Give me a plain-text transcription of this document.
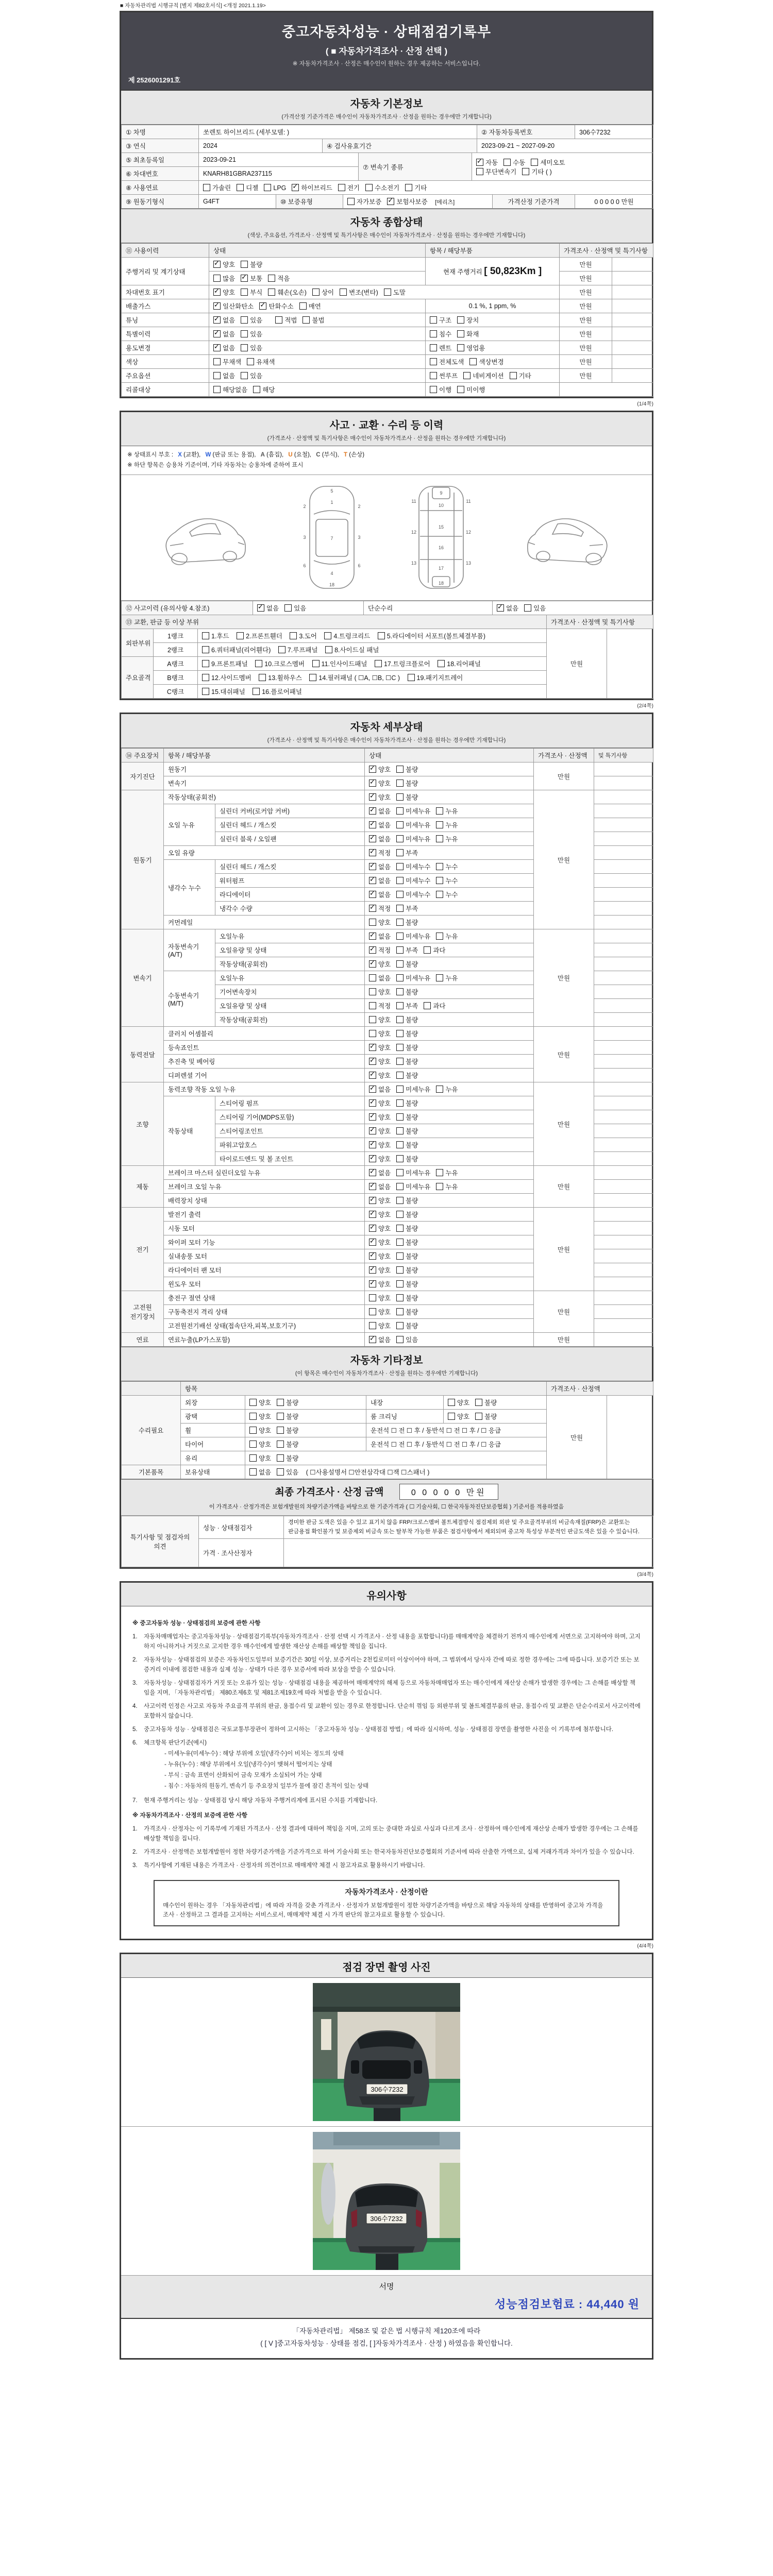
■ 자동차관리법 시행규칙 [별지 제82호서식] <개정 2021.1.19>
중고자동차성능 · 상태점검기록부
( ■ 자동차가격조사 · 산정 선택 )
※ 자동차가격조사 · 산정은 매수인이 원하는 경우 제공하는 서비스입니다.
제 2526001291호
자동차 기본정보
(가격산정 기준가격은 매수인이 자동차가격조사 · 산정을 원하는 경우에만 기재합니다)
① 차명	쏘렌토 하이브리드 (세부모델: )	② 자동차등록번호	306수7232
③ 연식	2024	④ 검사유효기간	2023-09-21 ~ 2027-09-20
⑤ 최초등록일	2023-09-21	⑦ 변속기 종류	✓자동 수동 세미오토
무단변속기 기타 ( )
⑥ 차대번호	KNARH81GBRA237115		
⑧ 사용연료	가솔린 디젤 LPG ✓ 하이브리드 전기 수소전기 기타
⑨ 원동기형식	G4FT	⑩ 보증유형	자가보증 ✓ 보험사보증 [메리츠]	가격산정 기준가격	0 0 0 0 0 만원
자동차 종합상태
(색상, 주요옵션, 가격조사 · 산정액 및 특기사항은 매수인이 자동차가격조사 · 산정을 원하는 경우에만 기재합니다)
⑪ 사용이력	상태	항목 / 해당부품	가격조사 · 산정액 및 특기사항	
주행거리 및 계기상태	✓양호 불량	현재 주행거리 [ 50,823Km ]	만원	
	많음 ✓ 보통 적음		만원	
차대번호 표기	✓양호 부식 훼손(오손) 상이 변조(변타) 도말		만원	
배출가스	✓일산화탄소 ✓ 탄화수소 매연	0.1 %, 1 ppm, %	만원	
튜닝	✓없음 있음 적법 불법	구조 장치	만원	
특별이력	✓없음 있음	침수 화재	만원	
용도변경	✓없음 있음	렌트 영업용	만원	
색상	무채색 유채색	전체도색 색상변경	만원	
주요옵션	없음 있음	썬루프 네비게이션 기타	만원	
리콜대상	해당없음 해당	이행 미이행		
(1/4쪽)
사고 · 교환 · 수리 등 이력
(가격조사 · 산정액 및 특기사항은 매수인이 자동차가격조사 · 산정을 원하는 경우에만 기재합니다)
※ 상태표시 부호 : X (교환), W (판금 또는 용접), A (흠집), U (요철), C (부식), T (손상)
※ 하단 항목은 승용차 기준이며, 기타 자동차는 승용차에 준하여 표시
5
1
2	2
3	3
7
6	6
4
18
9
10
11	11
12	12
15
16
13	13
17
18
⑫ 사고이력 (유의사항 4.참조)	✓없음 있음	단순수리	✓없음 있음
⑬ 교환, 판금 등 이상 부위	가격조사 · 산정액 및 특기사항
외판부위	1랭크	1.후드 2.프론트휀더 3.도어 4.트렁크리드 5.라디에이터 서포트(볼트체결부품)	만원	
	2랭크	6.쿼터패널(리어휀다) 7.루프패널 8.사이드실 패널		
주요골격	A랭크	9.프론트패널 10.크로스멤버 11.인사이드패널 17.트렁크플로어 18.리어패널		
	B랭크	12.사이드멤버 13.휠하우스 14.필러패널 ( ☐A, ☐B, ☐C ) 19.패키지트레이		
	C랭크	15.대쉬패널 16.플로어패널		
(2/4쪽)
자동차 세부상태
(가격조사 · 산정액 및 특기사항은 매수인이 자동차가격조사 · 산정을 원하는 경우에만 기재합니다)
⑭ 주요장치	항목 / 해당부품		상태	가격조사 · 산정액	및 특기사항
자기진단	원동기	✓양호 불량	만원	
	변속기	✓양호 불량	
원동기	작동상태(공회전)	✓양호 불량	만원	
	오일 누유	실린더 커버(로커암 커버)	✓없음 미세누유 누유	
		실린더 헤드 / 개스킷	✓없음 미세누유 누유	
		실린더 블록 / 오일팬	✓없음 미세누유 누유	
	오일 유량	✓적정 부족	
	냉각수 누수	실린더 헤드 / 개스킷	✓없음 미세누수 누수	
		워터펌프	✓없음 미세누수 누수	
		라디에이터	✓없음 미세누수 누수	
		냉각수 수량	✓적정 부족	
	커먼레일		양호 불량		
변속기	자동변속기 (A/T)	오일누유	✓없음 미세누유 누유	만원	
		오일유량 및 상태	✓적정 부족 과다	
		작동상태(공회전)	✓양호 불량	
	수동변속기 (M/T)	오일누유	없음 미세누유 누유		
		기어변속장치	양호 불량		
		오일유량 및 상태	적정 부족 과다		
		작동상태(공회전)	양호 불량		
동력전달	클러치 어셈블리		양호 불량	만원	
	등속죠인트	✓양호 불량	
	추진축 및 베어링	✓양호 불량	
	디퍼렌셜 기어	✓양호 불량	
조향	동력조향 작동 오일 누유	✓없음 미세누유 누유	만원	
	작동상태	스티어링 펌프	✓양호 불량	
		스티어링 기어(MDPS포함)	✓양호 불량	
		스티어링조인트	✓양호 불량	
		파워고압호스	✓양호 불량	
		타이로드엔드 및 볼 조인트	✓양호 불량	
제동	브레이크 마스터 실린더오일 누유	✓없음 미세누유 누유	만원	
	브레이크 오일 누유	✓없음 미세누유 누유	
	배력장치 상태	✓양호 불량	
전기	발전기 출력	✓양호 불량	만원	
	시동 모터	✓양호 불량	
	와이퍼 모터 기능	✓양호 불량	
	실내송풍 모터	✓양호 불량	
	라디에이터 팬 모터	✓양호 불량	
	윈도우 모터	✓양호 불량	
고전원 전기장치	충전구 절연 상태		양호 불량	만원	
	구동축전지 격리 상태		양호 불량		
	고전원전기배선 상태(접속단자,피복,보호기구)		양호 불량		
연료	연료누출(LP가스포함)	✓없음 있음	만원	
자동차 기타정보
(이 항목은 매수인이 자동차가격조사 · 산정을 원하는 경우에만 기재합니다)
	항목				가격조사 · 산정액	
수리필요	외장	양호 불량	내장	양호 불량	만원	
	광택	양호 불량	룸 크리닝	양호 불량		
	휠	양호 불량	운전석 ☐ 전 ☐ 후 / 동반석 ☐ 전 ☐ 후 / ☐ 응급			
	타이어	양호 불량	운전석 ☐ 전 ☐ 후 / 동반석 ☐ 전 ☐ 후 / ☐ 응급			
	유리	양호 불량				
기본품목	보유상태	없음 있음 ( ☐사용설명서 ☐안전삼각대 ☐잭 ☐스패너 )				
최종 가격조사 · 산정 금액	0 0 0 0 0 만원
이 가격조사 · 산정가격은 보험개발원의 차량기준가액을 바탕으로 한 기준가격과 ( ☐ 기술사회, ☐ 한국자동차진단보증협회 ) 기준서를 적용하였음
특기사항 및 점검자의 의견	성능 · 상태점검자	경미한 판금 도색은 있을 수 있고 표기치 않음 FRP/크로스멤버 볼트체결방식 점검제외 외판 및 주요골격부위의 비금속재질(FRP)은 교환또는 판금용접 확인불가 및 보증제외 비금속 또는 탈부착 가능한 부품은 점검사항에서 제외되며 중고차 특성상 부분적인 판금도색은 있을 수 있습니다.
	가격 · 조사산정자	
(3/4쪽)
유의사항
※ 중고자동차 성능 · 상태점검의 보증에 관한 사항
1.	자동차매매업자는 중고자동차성능 · 상태점검기록부(자동차가격조사 · 산정 선택 시 가격조사 · 산정 내용을 포함합니다)를 매매계약을 체결하기 전까지 매수인에게 서면으로 고지하여야 하며, 고지하지 아니하거나 거짓으로 고지한 경우 매수인에게 발생한 재산상 손해를 배상할 책임을 집니다.
2.	자동차성능 · 상태점검의 보증은 자동차인도일부터 보증기간은 30일 이상, 보증거리는 2천킬로미터 이상이어야 하며, 그 범위에서 당사자 간에 따로 정한 경우에는 그에 따릅니다. 보증기간 또는 보증거리 이내에 점검한 내용과 실제 성능 · 상태가 다른 경우 보증서에 따라 보상을 받을 수 있습니다.
3.	자동차성능 · 상태점검자가 거짓 또는 오류가 있는 성능 · 상태점검 내용을 제공하여 매매계약의 해제 등으로 자동차매매업자 또는 매수인에게 재산상 손해가 발생한 경우에는 그 손해를 배상할 책임을 지며, 「자동차관리법」 제80조제6호 및 제81조제19호에 따라 처벌을 받을 수 있습니다.
4.	사고이력 인정은 사고로 자동차 주요골격 부위의 판금, 용접수리 및 교환이 있는 경우로 한정합니다. 단순히 꺾임 등 외판부위 및 볼트체결부품의 판금, 용접수리 및 교환은 단순수리로서 사고이력에 포함하지 않습니다.
5.	중고자동차 성능 · 상태점검은 국토교통부장관이 정하여 고시하는 「중고자동차 성능 · 상태점검 방법」에 따라 실시하며, 성능 · 상태점검 장면을 촬영한 사진을 이 기록부에 첨부합니다.
6.	체크항목 판단기준(예시)
- 미세누유(미세누수) : 해당 부위에 오일(냉각수)이 비치는 정도의 상태
- 누유(누수) : 해당 부위에서 오일(냉각수)이 맺혀서 떨어지는 상태
- 부식 : 금속 표면이 산화되어 금속 모재가 소실되어 가는 상태
- 침수 : 자동차의 원동기, 변속기 등 주요장치 일부가 물에 잠긴 흔적이 있는 상태
7.	현재 주행거리는 성능 · 상태점검 당시 해당 자동차 주행거리계에 표시된 수치를 기재합니다.
※ 자동차가격조사 · 산정의 보증에 관한 사항
1.	가격조사 · 산정자는 이 기록부에 기재된 가격조사 · 산정 결과에 대하여 책임을 지며, 고의 또는 중대한 과실로 사실과 다르게 조사 · 산정하여 매수인에게 재산상 손해가 발생한 경우에는 그 손해를 배상할 책임을 집니다.
2.	가격조사 · 산정액은 보험개발원이 정한 차량기준가액을 기준가격으로 하여 기술사회 또는 한국자동차진단보증협회의 기준서에 따라 산출한 가액으로, 실제 거래가격과 차이가 있을 수 있습니다.
3.	특기사항에 기재된 내용은 가격조사 · 산정자의 의견이므로 매매계약 체결 시 참고자료로 활용하시기 바랍니다.
자동차가격조사 · 산정이란
매수인이 원하는 경우 「자동차관리법」에 따라 자격을 갖춘 가격조사 · 산정자가 보험개발원이 정한 차량기준가액을 바탕으로 해당 자동차의 상태를 반영하여 중고차 가격을 조사 · 산정하고 그 결과를 고지하는 서비스로서, 매매계약 체결 시 가격 판단의 참고자료로 활용할 수 있습니다.
(4/4쪽)
점검 장면 촬영 사진
306수7232
306수7232
서명
성능점검보험료 : 44,440 원
「자동차관리법」 제58조 및 같은 법 시행규칙 제120조에 따라
( [ V ]중고자동차성능 · 상태를 점검, [ ]자동차가격조사 · 산정 ) 하였음을 확인합니다.
